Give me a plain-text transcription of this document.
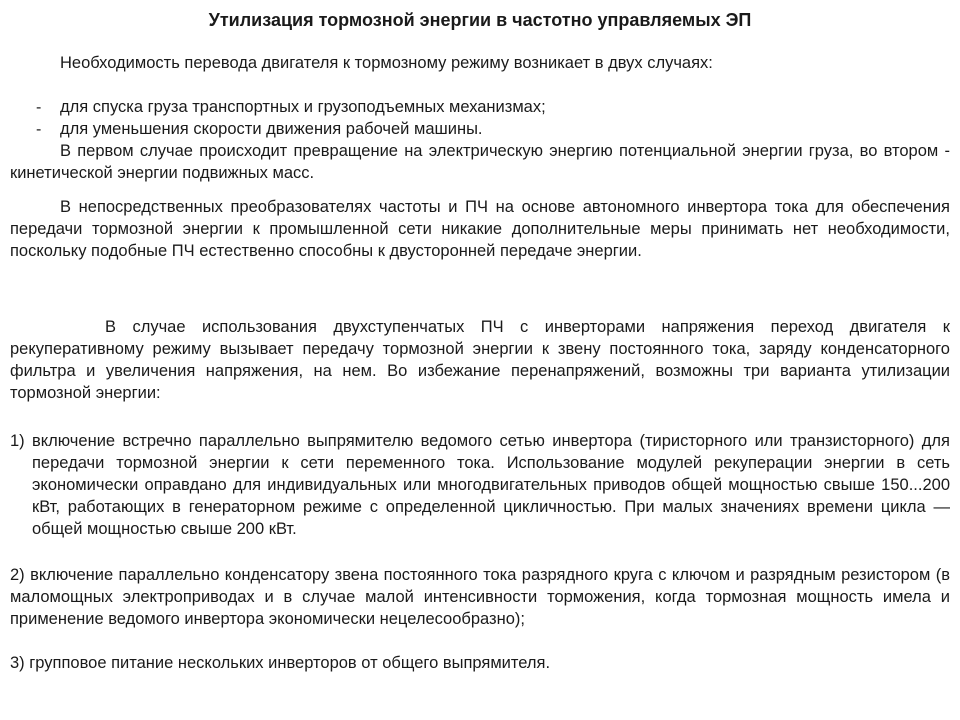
Утилизация тормозной энергии в частотно управляемых ЭП

Необходимость перевода двигателя к тормозному режиму возникает в двух случаях:

- для спуска груза транспортных и грузоподъемных механизмах;
- для уменьшения скорости движения рабочей машины.

В первом случае происходит превращение на электрическую энергию потенциальной энергии груза, во втором - кинетической энергии подвижных масс.

В непосредственных преобразователях частоты и ПЧ на основе автономного инвертора тока для обеспечения передачи тормозной энергии к промышленной сети никакие дополнительные меры принимать нет необходимости, поскольку подобные ПЧ естественно способны к двусторонней передаче энергии.

В случае использования двухступенчатых ПЧ с инверторами напряжения переход двигателя к рекуперативному режиму вызывает передачу тормозной энергии к звену постоянного тока, заряду конденсаторного фильтра и увеличения напряжения, на нем. Во избежание перенапряжений, возможны три варианта утилизации тормозной энергии:

1) включение встречно параллельно выпрямителю ведомого сетью инвертора (тиристорного или транзисторного) для передачи тормозной энергии к сети переменного тока. Использование модулей рекуперации энергии в сеть экономически оправдано для индивидуальных или многодвигательных приводов общей мощностью свыше 150...200 кВт, работающих в генераторном режиме с определенной цикличностью. При малых значениях времени цикла — общей мощностью свыше 200 кВт.
2) включение параллельно конденсатору звена постоянного тока разрядного круга с ключом и разрядным резистором (в маломощных электроприводах и в случае малой интенсивности торможения, когда тормозная мощность имела и применение ведомого инвертора экономически нецелесообразно);
3) групповое питание нескольких инверторов от общего выпрямителя.
